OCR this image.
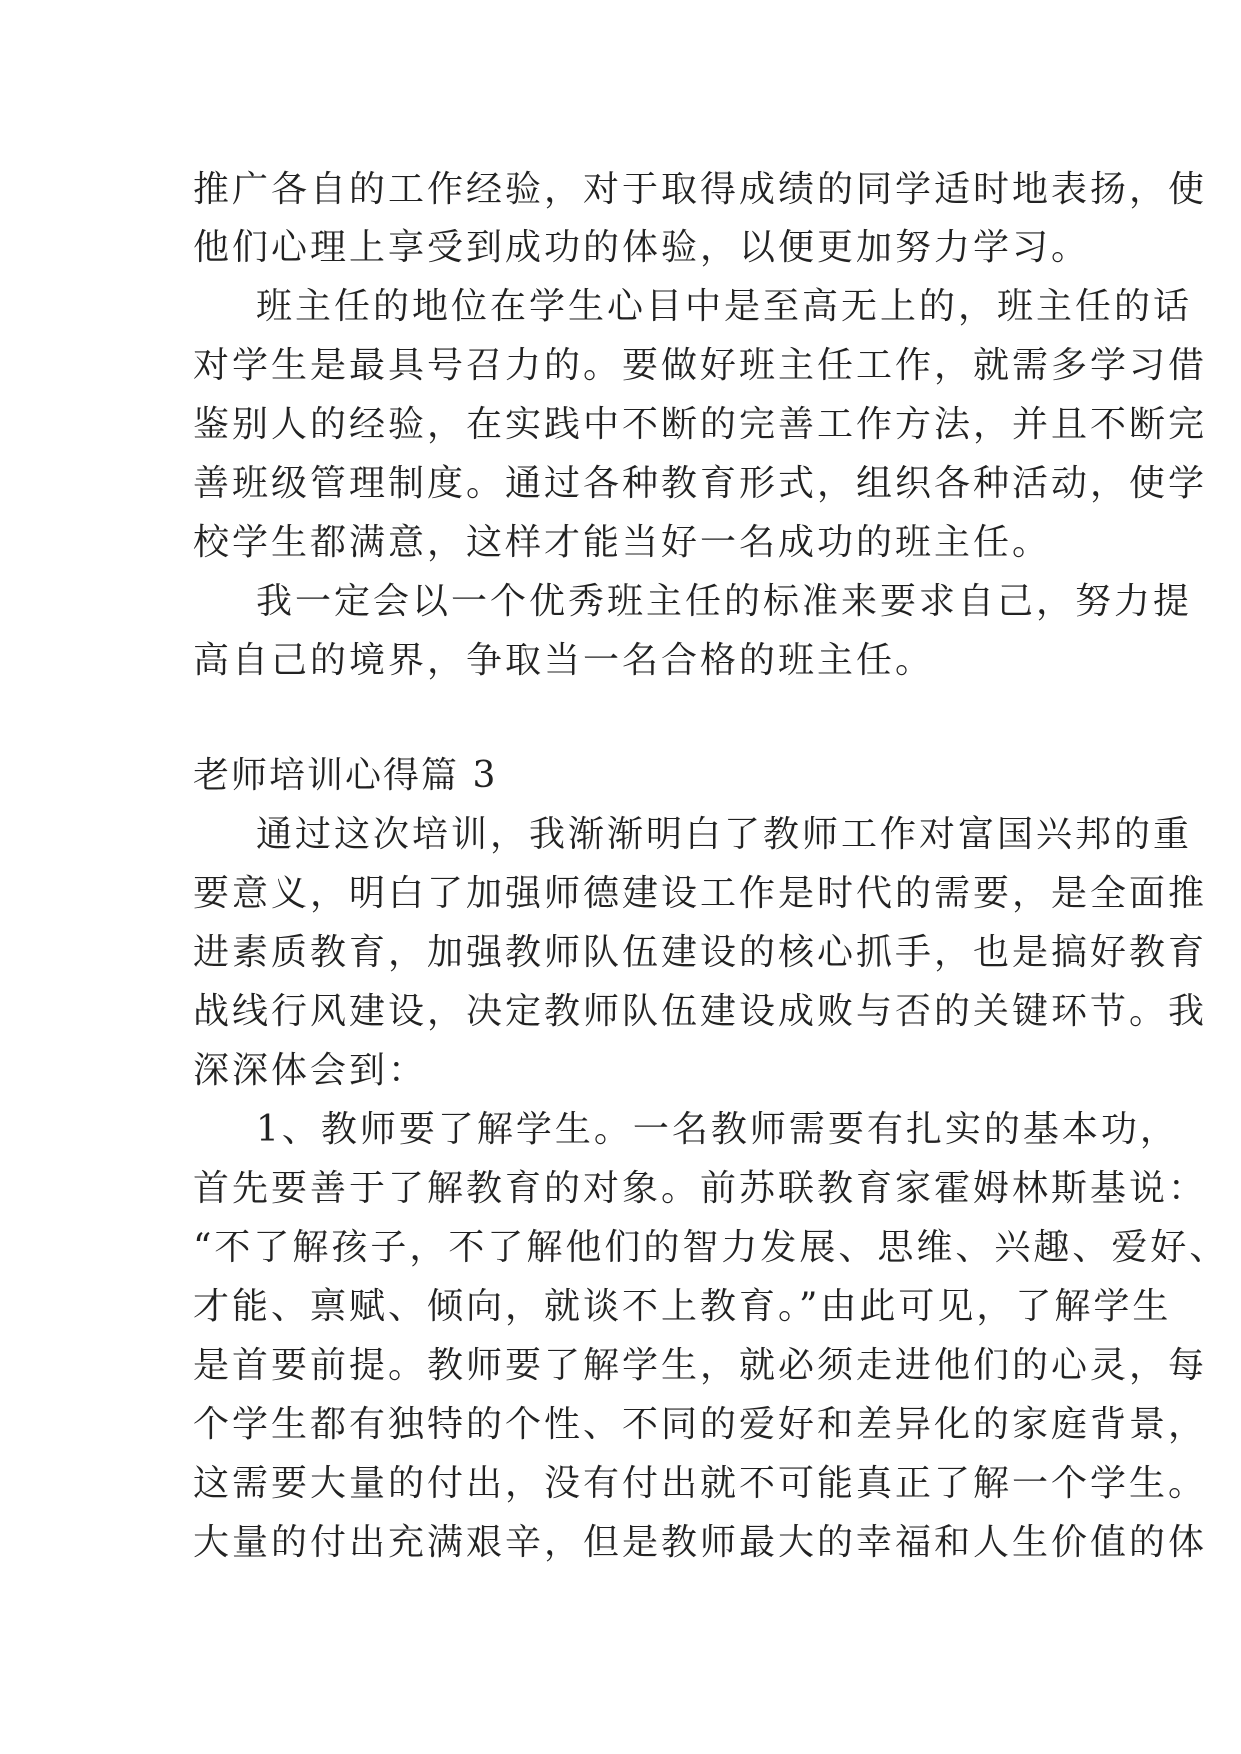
推广各自的工作经验，对于取得成绩的同学适时地表扬，使
他们心理上享受到成功的体验，以便更加努力学习。
班主任的地位在学生心目中是至高无上的，班主任的话
对学生是最具号召力的。要做好班主任工作，就需多学习借
鉴别人的经验，在实践中不断的完善工作方法，并且不断完
善班级管理制度。通过各种教育形式，组织各种活动，使学
校学生都满意，这样才能当好一名成功的班主任。
我一定会以一个优秀班主任的标准来要求自己，努力提
高自己的境界，争取当一名合格的班主任。
老师培训心得篇 3
通过这次培训，我渐渐明白了教师工作对富国兴邦的重
要意义，明白了加强师德建设工作是时代的需要，是全面推
进素质教育，加强教师队伍建设的核心抓手，也是搞好教育
战线行风建设，决定教师队伍建设成败与否的关键环节。我
深深体会到：
1、教师要了解学生。一名教师需要有扎实的基本功，
首先要善于了解教育的对象。前苏联教育家霍姆林斯基说：
“不了解孩子，不了解他们的智力发展、思维、兴趣、爱好、
才能、禀赋、倾向，就谈不上教育。”由此可见，了解学生
是首要前提。教师要了解学生，就必须走进他们的心灵，每
个学生都有独特的个性、不同的爱好和差异化的家庭背景，
这需要大量的付出，没有付出就不可能真正了解一个学生。
大量的付出充满艰辛，但是教师最大的幸福和人生价值的体
